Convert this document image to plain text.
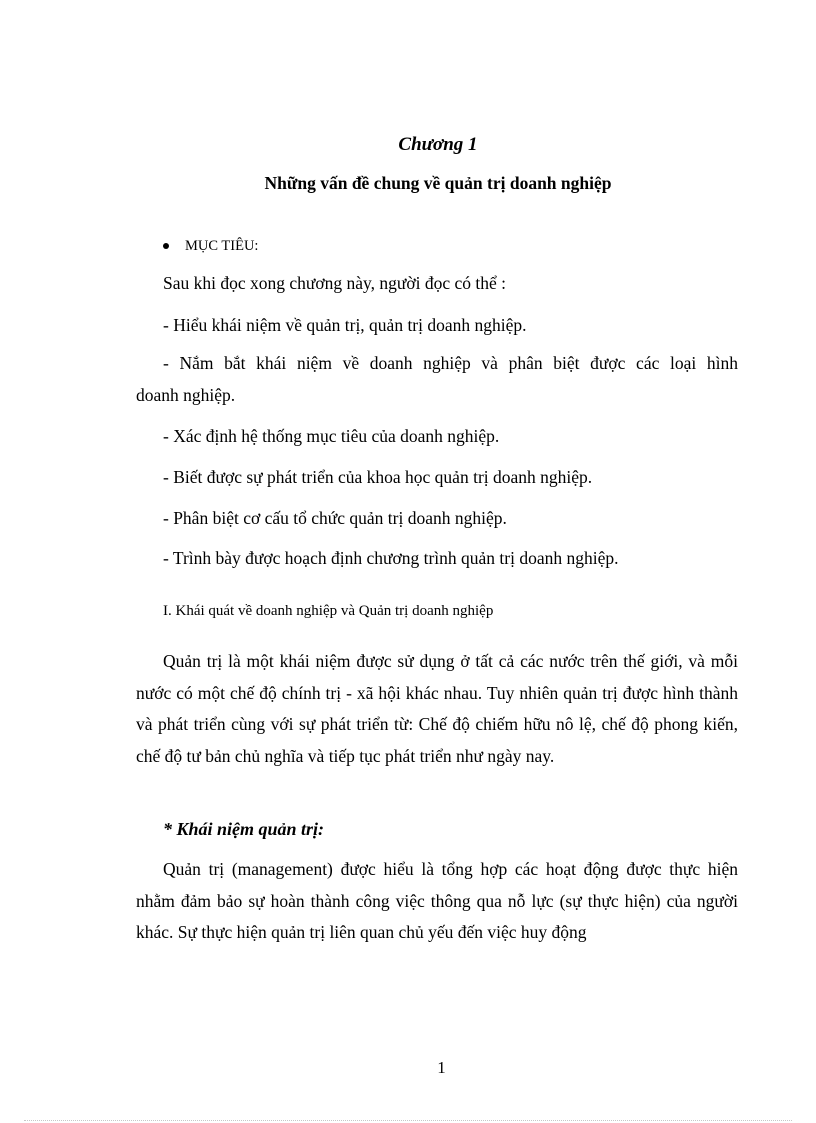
Chương 1
Những vấn đề chung về quản trị doanh nghiệp
MỤC TIÊU:
Sau khi đọc xong chương này, người đọc có thể :
- Hiểu khái niệm về quản trị, quản trị doanh nghiệp.
- Nắm bắt khái niệm về doanh nghiệp và phân biệt được các loại hình
doanh nghiệp.
- Xác định hệ thống mục tiêu của doanh nghiệp.
- Biết được sự phát triển của khoa học quản trị doanh nghiệp.
- Phân biệt cơ cấu tổ chức quản trị doanh nghiệp.
- Trình bày được hoạch định chương trình quản trị doanh nghiệp.
I. Khái quát về doanh nghiệp và Quản trị doanh nghiệp
Quản trị là một khái niệm được sử dụng ở tất cả các nước trên thế giới, và mỗi nước có một chế độ chính trị - xã hội khác nhau. Tuy nhiên quản trị được hình thành và phát triển cùng với sự phát triển từ: Chế độ chiếm hữu nô lệ, chế độ phong kiến, chế độ tư bản chủ nghĩa và tiếp tục phát triển như ngày nay.
* Khái niệm quản trị:
Quản trị (management) được hiểu là tổng hợp các hoạt động được thực hiện nhằm đảm bảo sự hoàn thành công việc thông qua nỗ lực (sự thực hiện) của người khác. Sự thực hiện quản trị liên quan chủ yếu đến việc huy động
1
